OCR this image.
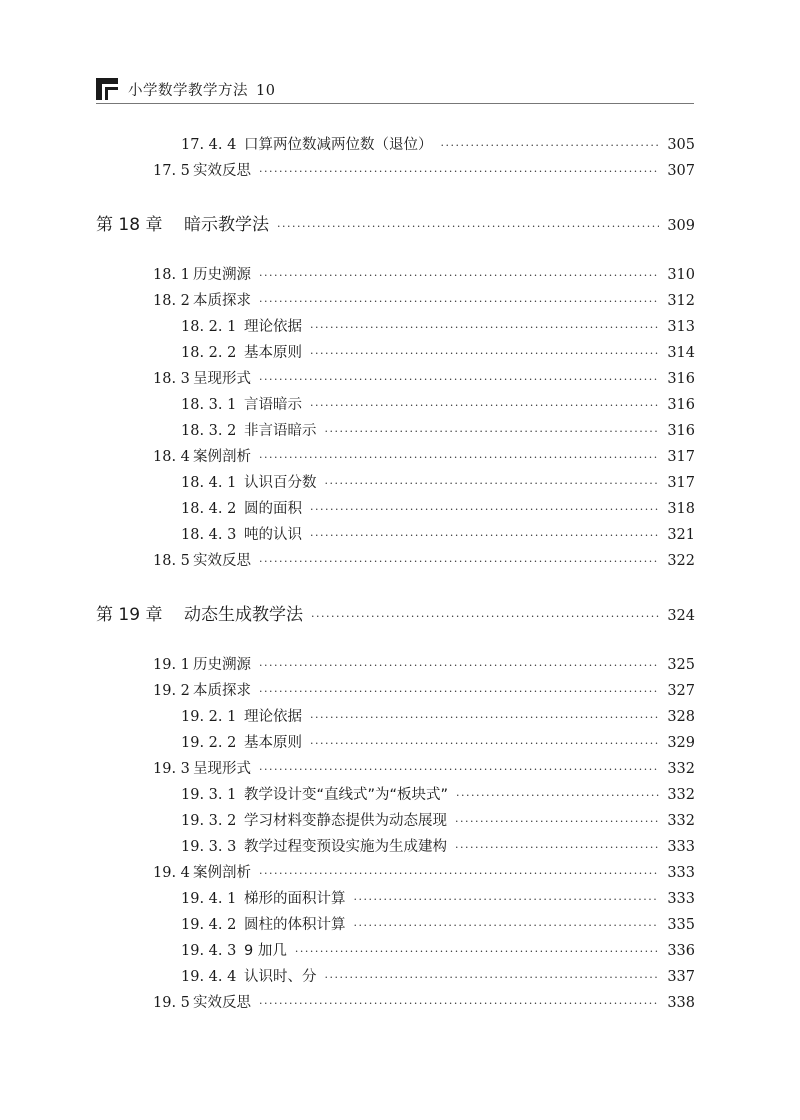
小学数学教学方法 10
17. 4. 4 口算两位数减两位数（退位） ·····	305
17. 5 实效反思 ·····	307
第 18 章	暗示教学法 ·····	309
18. 1 历史溯源 ·····	310
18. 2 本质探求 ·····	312
18. 2. 1 理论依据 ·····	313
18. 2. 2 基本原则 ·····	314
18. 3 呈现形式 ·····	316
18. 3. 1 言语暗示 ·····	316
18. 3. 2 非言语暗示 ·····	316
18. 4 案例剖析 ·····	317
18. 4. 1 认识百分数 ·····	317
18. 4. 2 圆的面积 ·····	318
18. 4. 3 吨的认识 ·····	321
18. 5 实效反思 ·····	322
第 19 章	动态生成教学法 ·····	324
19. 1 历史溯源 ·····	325
19. 2 本质探求 ·····	327
19. 2. 1 理论依据 ·····	328
19. 2. 2 基本原则 ·····	329
19. 3 呈现形式 ·····	332
19. 3. 1 教学设计变“直线式”为“板块式” ·····	332
19. 3. 2 学习材料变静态提供为动态展现 ·····	332
19. 3. 3 教学过程变预设实施为生成建构 ·····	333
19. 4 案例剖析 ·····	333
19. 4. 1 梯形的面积计算 ·····	333
19. 4. 2 圆柱的体积计算 ·····	335
19. 4. 3 9 加几 ·····	336
19. 4. 4 认识时、分 ·····	337
19. 5 实效反思 ·····	338
